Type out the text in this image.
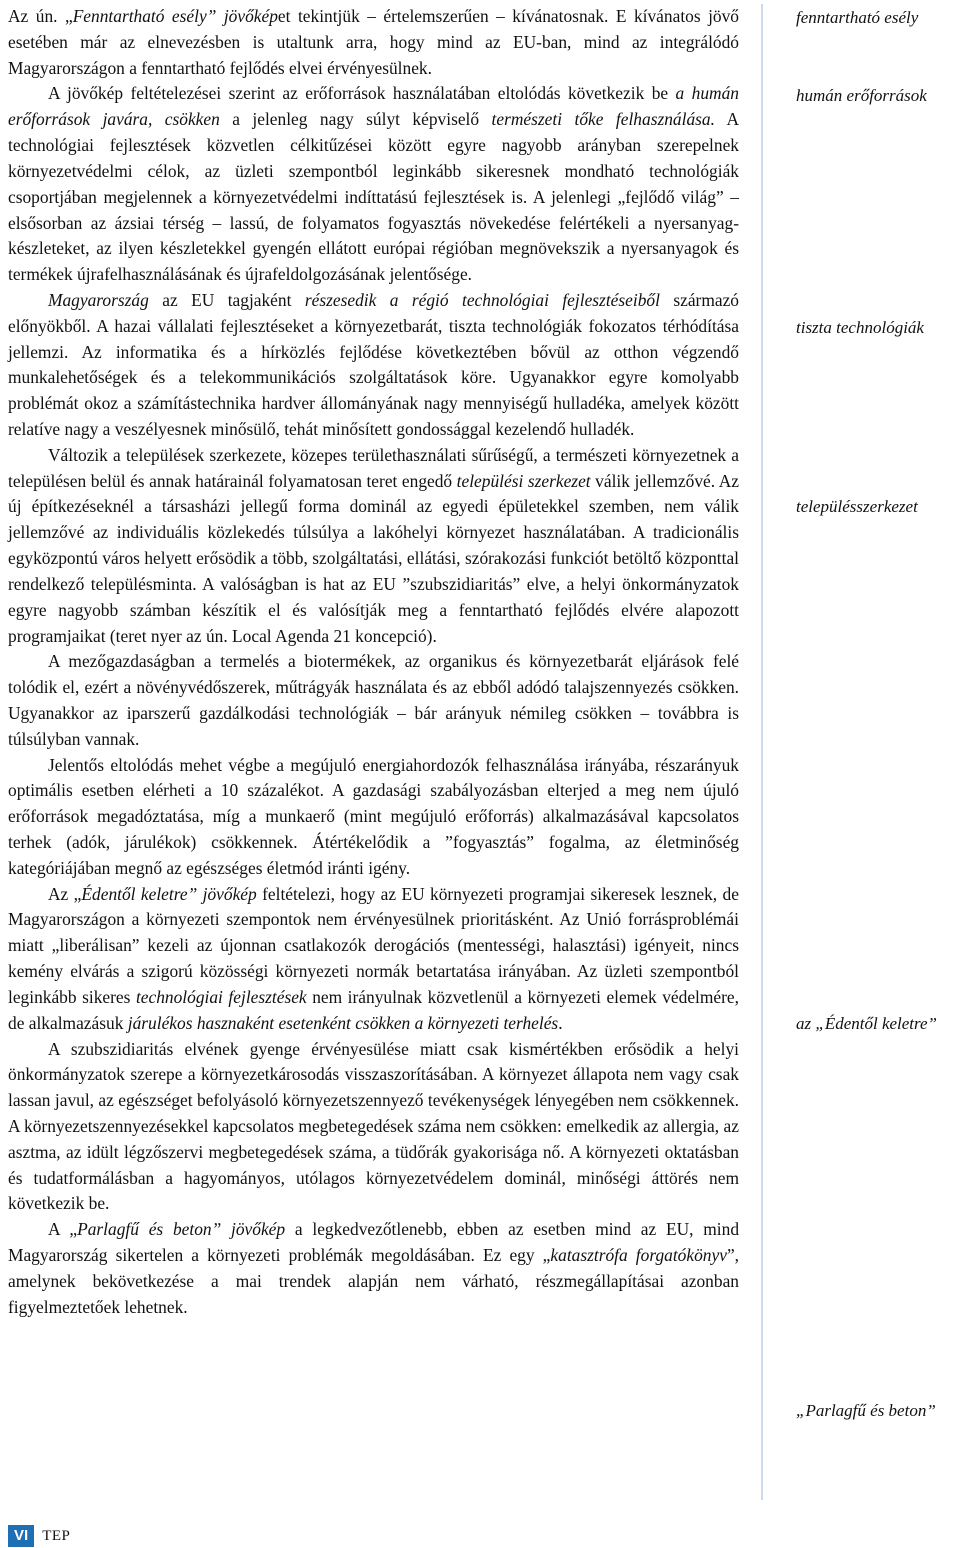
Az ún. „Fenntartható esély” jövőképet tekintjük – értelemszerűen – kívánatosnak. E kívánatos jövő esetében már az elnevezésben is utaltunk arra, hogy mind az EU-ban, mind az integrálódó Magyarországon a fenntartható fejlődés elvei érvényesülnek.

A jövőkép feltételezései szerint az erőforrások használatában eltolódás következik be a humán erőforrások javára, csökken a jelenleg nagy súlyt képviselő természeti tőke felhasználása. A technológiai fejlesztések közvetlen célkitűzései között egyre nagyobb arányban szerepelnek környezetvédelmi célok, az üzleti szempontból leginkább sikeresnek mondható technológiák csoportjában megjelennek a környezetvédelmi indíttatású fejlesztések is. A jelenlegi „fejlődő világ” – elsősorban az ázsiai térség – lassú, de folyamatos fogyasztás növekedése felértékeli a nyersanyag-készleteket, az ilyen készletekkel gyengén ellátott európai régióban megnövekszik a nyersanyagok és termékek újrafelhasználásának és újrafeldolgozásának jelentősége.

Magyarország az EU tagjaként részesedik a régió technológiai fejlesztéseiből származó előnyökből. A hazai vállalati fejlesztéseket a környezetbarát, tiszta technológiák fokozatos térhódítása jellemzi. Az informatika és a hírközlés fejlődése következtében bővül az otthon végzendő munkalehetőségek és a telekommunikációs szolgáltatások köre. Ugyanakkor egyre komolyabb problémát okoz a számítástechnika hardver állományának nagy mennyiségű hulladéka, amelyek között relatíve nagy a veszélyesnek minősülő, tehát minősített gondossággal kezelendő hulladék.

Változik a települések szerkezete, közepes területhasználati sűrűségű, a természeti környezetnek a településen belül és annak határainál folyamatosan teret engedő települési szerkezet válik jellemzővé. Az új építkezéseknél a társasházi jellegű forma dominál az egyedi épületekkel szemben, nem válik jellemzővé az individuális közlekedés túlsúlya a lakóhelyi környezet használatában. A tradicionális egyközpontú város helyett erősödik a több, szolgáltatási, ellátási, szórakozási funkciót betöltő központtal rendelkező településminta. A valóságban is hat az EU ”szubszidiaritás” elve, a helyi önkormányzatok egyre nagyobb számban készítik el és valósítják meg a fenntartható fejlődés elvére alapozott programjaikat (teret nyer az ún. Local Agenda 21 koncepció).

A mezőgazdaságban a termelés a biotermékek, az organikus és környezetbarát eljárások felé tolódik el, ezért a növényvédőszerek, műtrágyák használata és az ebből adódó talajszennyezés csökken. Ugyanakkor az iparszerű gazdálkodási technológiák – bár arányuk némileg csökken – továbbra is túlsúlyban vannak.

Jelentős eltolódás mehet végbe a megújuló energiahordozók felhasználása irányába, részarányuk optimális esetben elérheti a 10 százalékot. A gazdasági szabályozásban elterjed a meg nem újuló erőforrások megadóztatása, míg a munkaerő (mint megújuló erőforrás) alkalmazásával kapcsolatos terhek (adók, járulékok) csökkennek. Átértékelődik a ”fogyasztás” fogalma, az életminőség kategóriájában megnő az egészséges életmód iránti igény.

Az „Édentől keletre” jövőkép feltételezi, hogy az EU környezeti programjai sikeresek lesznek, de Magyarországon a környezeti szempontok nem érvényesülnek prioritásként. Az Unió forrásproblémái miatt „liberálisan” kezeli az újonnan csatlakozók derogációs (mentességi, halasztási) igényeit, nincs kemény elvárás a szigorú közösségi környezeti normák betartatása irányában. Az üzleti szempontból leginkább sikeres technológiai fejlesztések nem irányulnak közvetlenül a környezeti elemek védelmére, de alkalmazásuk járulékos hasznaként esetenként csökken a környezeti terhelés.

A szubszidiaritás elvének gyenge érvényesülése miatt csak kismértékben erősödik a helyi önkormányzatok szerepe a környezetkárosodás visszaszorításában. A környezet állapota nem vagy csak lassan javul, az egészséget befolyásoló környezetszennyező tevékenységek lényegében nem csökkennek. A környezetszennyezésekkel kapcsolatos megbetegedések száma nem csökken: emelkedik az allergia, az asztma, az idült légzőszervi megbetegedések száma, a tüdőrák gyakorisága nő. A környezeti oktatásban és tudatformálásban a hagyományos, utólagos környezetvédelem dominál, minőségi áttörés nem következik be.

A „Parlagfű és beton” jövőkép a legkedvezőtlenebb, ebben az esetben mind az EU, mind Magyarország sikertelen a környezeti problémák megoldásában. Ez egy „katasztrófa forgatókönyv”, amelynek bekövetkezése a mai trendek alapján nem várható, részmegállapításai azonban figyelmeztetőek lehetnek.

fenntartható esély
humán erőforrások
tiszta technológiák
településszerkezet
az „Édentől keletre”
„Parlagfű és beton”
VI TEP
